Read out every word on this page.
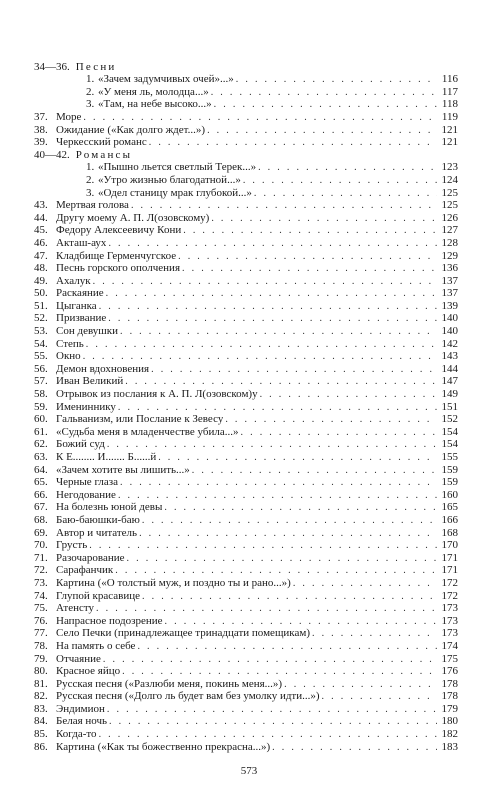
34—36. Песни
1. «Зачем задумчивых очей»...» . . .	116
2. «У меня ль, молодца...» . . .	117
3. «Там, на небе высоко...» . . .	118
37. Море . . .	119
38. Ожидание («Как долго ждет...») . . .	121
39. Черкесский романс . . .	121
40—42. Романсы
1. «Пышно льется светлый Терек...» . . .	123
2. «Утро жизнью благодатной...» . . .	124
3. «Одел станицу мрак глубокой...» . . .	125
43. Мертвая голова . . .	125
44. Другу моему А. П. Л(озовскому) . . .	126
45. Федору Алексеевичу Кони . . .	127
46. Акташ-аух . . .	128
47. Кладбище Герменчугское . . .	129
48. Песнь горского ополчения . . .	136
49. Ахалук . . .	137
50. Раскаяние . . .	137
51. Цыганка . . .	139
52. Призвание . . .	140
53. Сон девушки . . .	140
54. Степь . . .	142
55. Окно . . .	143
56. Демон вдохновения . . .	144
57. Иван Великий . . .	147
58. Отрывок из послания к А. П. Л(озовском)у . . .	149
59. Имениннику . . .	151
60. Гальванизм, или Послание к Зевесу . . .	152
61. «Судьба меня в младенчестве убила...» . . .	154
62. Божий суд . . .	154
63. К Е........ И....... Б......й . . .	155
64. «Зачем хотите вы лишить...» . . .	159
65. Черные глаза . . .	159
66. Негодование . . .	160
67. На болезнь юной девы . . .	165
68. Баю-баюшки-баю . . .	166
69. Автор и читатель . . .	168
70. Грусть . . .	170
71. Разочарование . . .	171
72. Сарафанчик . . .	171
73. Картина («О толстый муж, и поздно ты и рано...») . . .	172
74. Глупой красавице . . .	172
75. Атенсту . . .	173
76. Напрасное подозрение . . .	173
77. Село Печки (принадлежащее тринадцати помещикам) . . .	173
78. На память о себе . . .	174
79. Отчаяние . . .	175
80. Красное яйцо . . .	176
81. Русская песня («Разлюби меня, покинь меня...») . . .	178
82. Русская песня («Долго ль будет вам без умолку идти...») . . .	178
83. Эндимион . . .	179
84. Белая ночь . . .	180
85. Когда-то . . .	182
86. Картина («Как ты божественно прекрасна...») . . .	183
573
